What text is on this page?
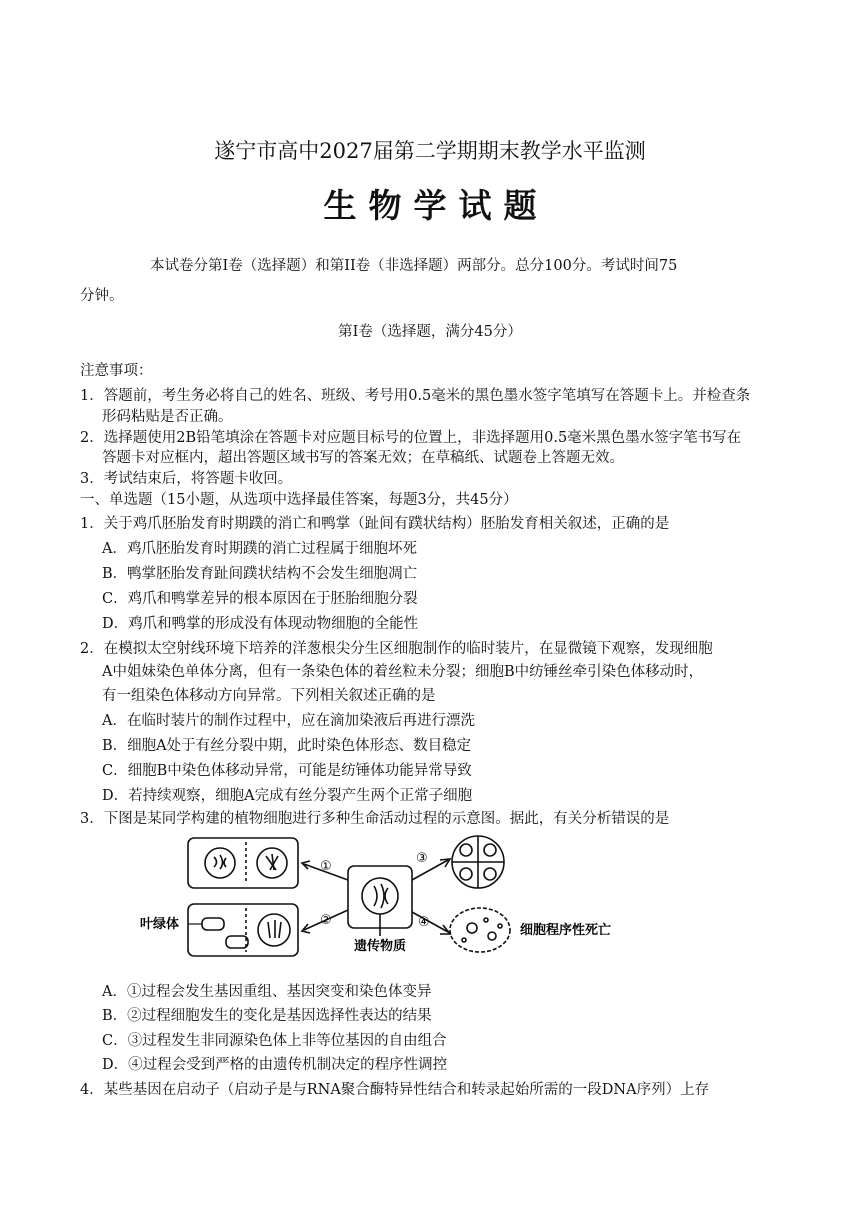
遂宁市高中2027届第二学期期末教学水平监测
生物学试题
本试卷分第Ⅰ卷（选择题）和第II卷（非选择题）两部分。总分100分。考试时间75
分钟。
第Ⅰ卷（选择题，满分45分）
注意事项：
1．答题前，考生务必将自己的姓名、班级、考号用0.5毫米的黑色墨水签字笔填写在答题卡上。并检查条
形码粘贴是否正确。
2．选择题使用2B铅笔填涂在答题卡对应题目标号的位置上，非选择题用0.5毫米黑色墨水签字笔书写在
答题卡对应框内，超出答题区域书写的答案无效；在草稿纸、试题卷上答题无效。
3．考试结束后，将答题卡收回。
一、单选题（15小题，从选项中选择最佳答案，每题3分，共45分）
1．关于鸡爪胚胎发育时期蹼的消亡和鸭掌（趾间有蹼状结构）胚胎发育相关叙述，正确的是
A．鸡爪胚胎发育时期蹼的消亡过程属于细胞坏死
B．鸭掌胚胎发育趾间蹼状结构不会发生细胞凋亡
C．鸡爪和鸭掌差异的根本原因在于胚胎细胞分裂
D．鸡爪和鸭掌的形成没有体现动物细胞的全能性
2．在模拟太空射线环境下培养的洋葱根尖分生区细胞制作的临时装片，在显微镜下观察，发现细胞
A中姐妹染色单体分离，但有一条染色体的着丝粒未分裂；细胞B中纺锤丝牵引染色体移动时，
有一组染色体移动方向异常。下列相关叙述正确的是
A．在临时装片的制作过程中，应在滴加染液后再进行漂洗
B．细胞A处于有丝分裂中期，此时染色体形态、数目稳定
C．细胞B中染色体移动异常，可能是纺锤体功能异常导致
D．若持续观察，细胞A完成有丝分裂产生两个正常子细胞
3．下图是某同学构建的植物细胞进行多种生命活动过程的示意图。据此，有关分析错误的是
①
②
③
④
叶绿体
遗传物质
细胞程序性死亡
A．①过程会发生基因重组、基因突变和染色体变异
B．②过程细胞发生的变化是基因选择性表达的结果
C．③过程发生非同源染色体上非等位基因的自由组合
D．④过程会受到严格的由遗传机制决定的程序性调控
4．某些基因在启动子（启动子是与RNA聚合酶特异性结合和转录起始所需的一段DNA序列）上存
